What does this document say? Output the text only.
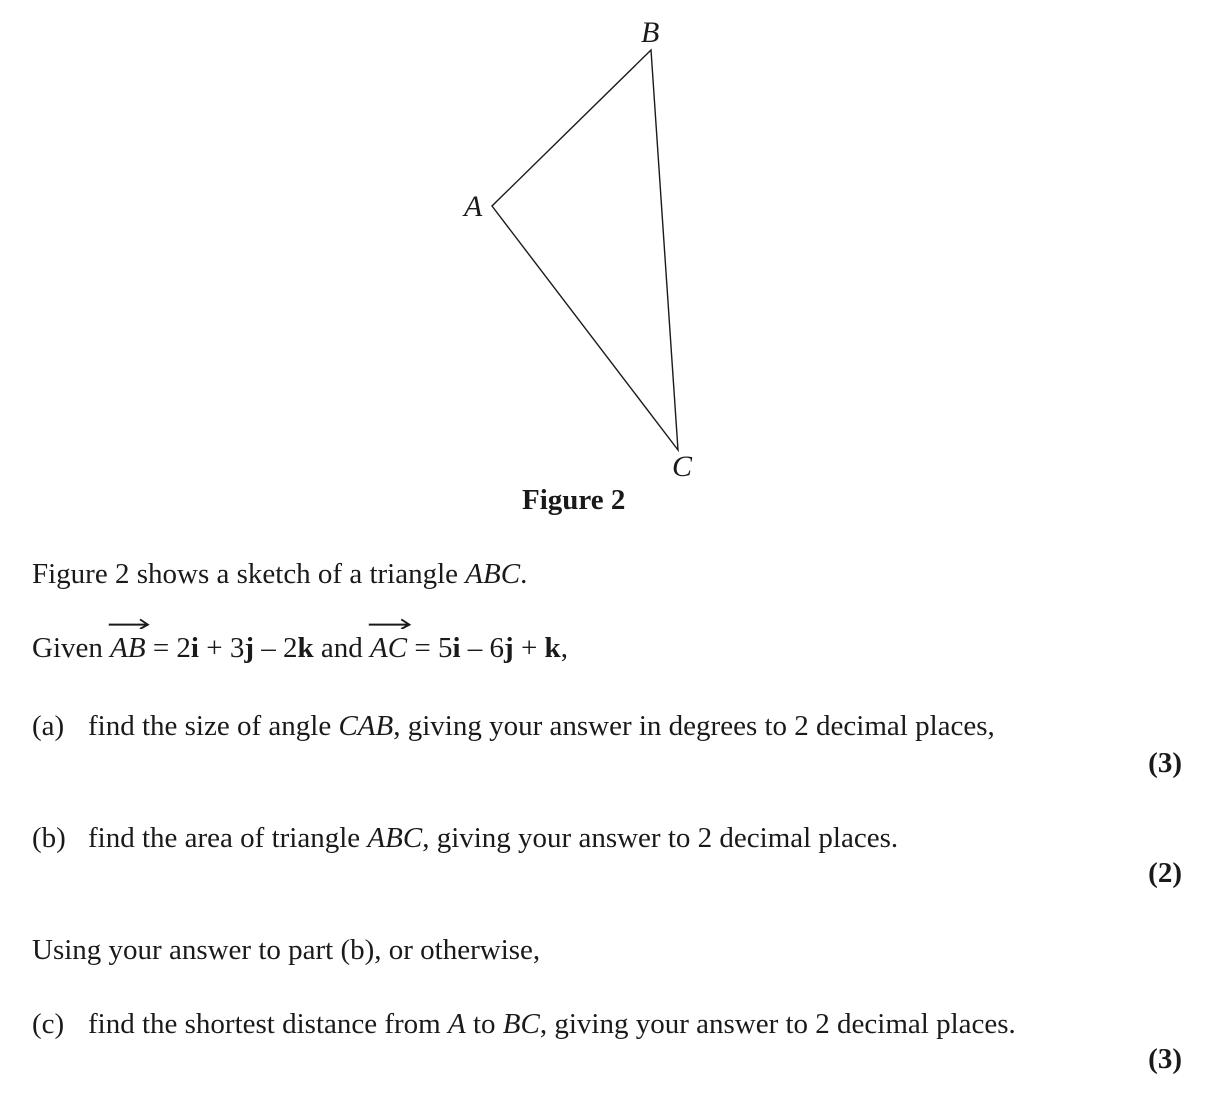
B
A
C
Figure 2
Figure 2 shows a sketch of a triangle ABC.
Given
AB = 2i + 3j – 2k and
AC = 5i – 6j + k,
(a) find the size of angle CAB, giving your answer in degrees to 2 decimal places,
(3)
(b) find the area of triangle ABC, giving your answer to 2 decimal places.
(2)
Using your answer to part (b), or otherwise,
(c) find the shortest distance from A to BC, giving your answer to 2 decimal places.
(3)
